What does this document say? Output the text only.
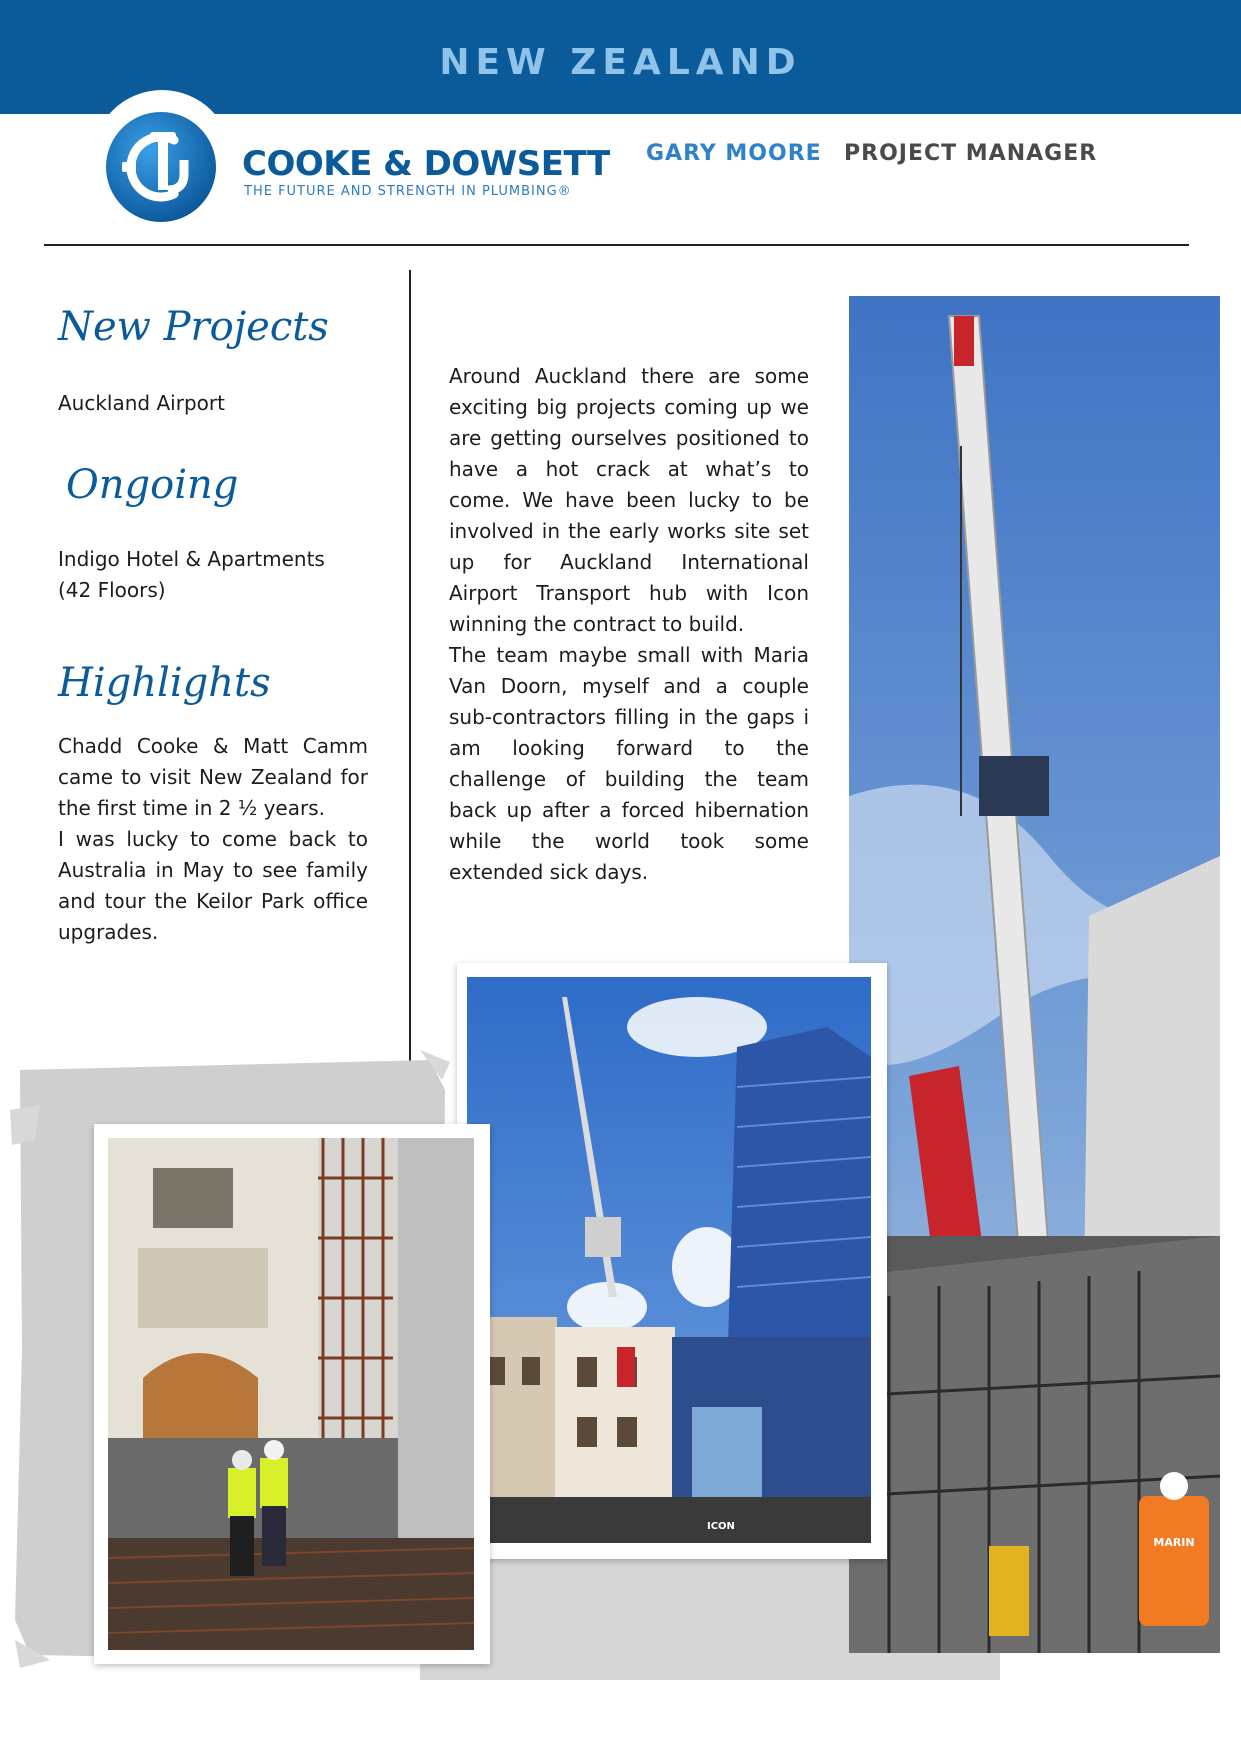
NEW ZEALAND
COOKE & DOWSETT
THE FUTURE AND STRENGTH IN PLUMBING®
GARY MOORE PROJECT MANAGER
New Projects
Auckland Airport
Ongoing
Indigo Hotel & Apartments
(42 Floors)
Highlights
Chadd Cooke & Matt Camm came to visit New Zealand for the first time in 2 ½ years.
I was lucky to come back to Australia in May to see family and tour the Keilor Park office upgrades.
Around Auckland there are some exciting big projects coming up we are getting ourselves positioned to have a hot crack at what’s to come. We have been lucky to be involved in the early works site set up for Auckland International Airport Transport hub with Icon winning the contract to build.
The team maybe small with Maria Van Doorn, myself and a couple sub-contractors filling in the gaps i am looking forward to the challenge of building the team back up after a forced hibernation while the world took some extended sick days.
MARIN
ICON
